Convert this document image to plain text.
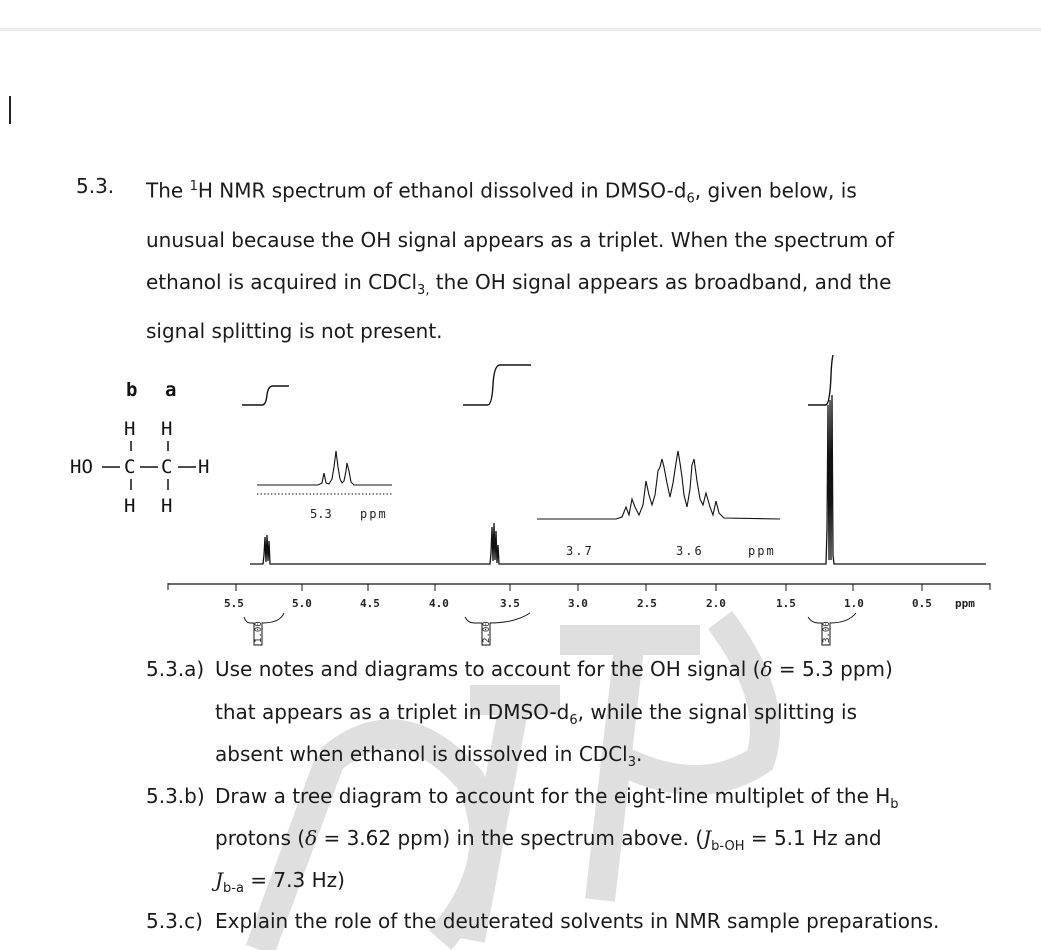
5.3. The $^1$H NMR spectrum of ethanol dissolved in DMSO-$d_6$, given below, is
unusual because the OH signal appears as a triplet. When the spectrum of
ethanol is acquired in CDCl$_{3,}$ the OH signal appears as broadband, and the
signal splitting is not present.
b a
H H
HO C C H
H H	5.3 ppm
3.7	3.6	ppm
5.5	5.0	4.5	4.0	3.5	3.0	2.5	2.0	1.5	1.0	0.5 ppm
1.00	2.00	3.00
5.3.a) Use notes and diagrams to account for the OH signal (δ = 5.3 ppm)
that appears as a triplet in DMSO-$d_6$, while the signal splitting is
absent when ethanol is dissolved in CDCl$_3$.
5.3.b) Draw a tree diagram to account for the eight-line multiplet of the $H_b$
protons (δ = 3.62 ppm) in the spectrum above. ($J_{b-OH} = 5.1$ Hz and
$J_{b-a} = 7.3$ Hz)
5.3.c) Explain the role of the deuterated solvents in NMR sample preparations.
